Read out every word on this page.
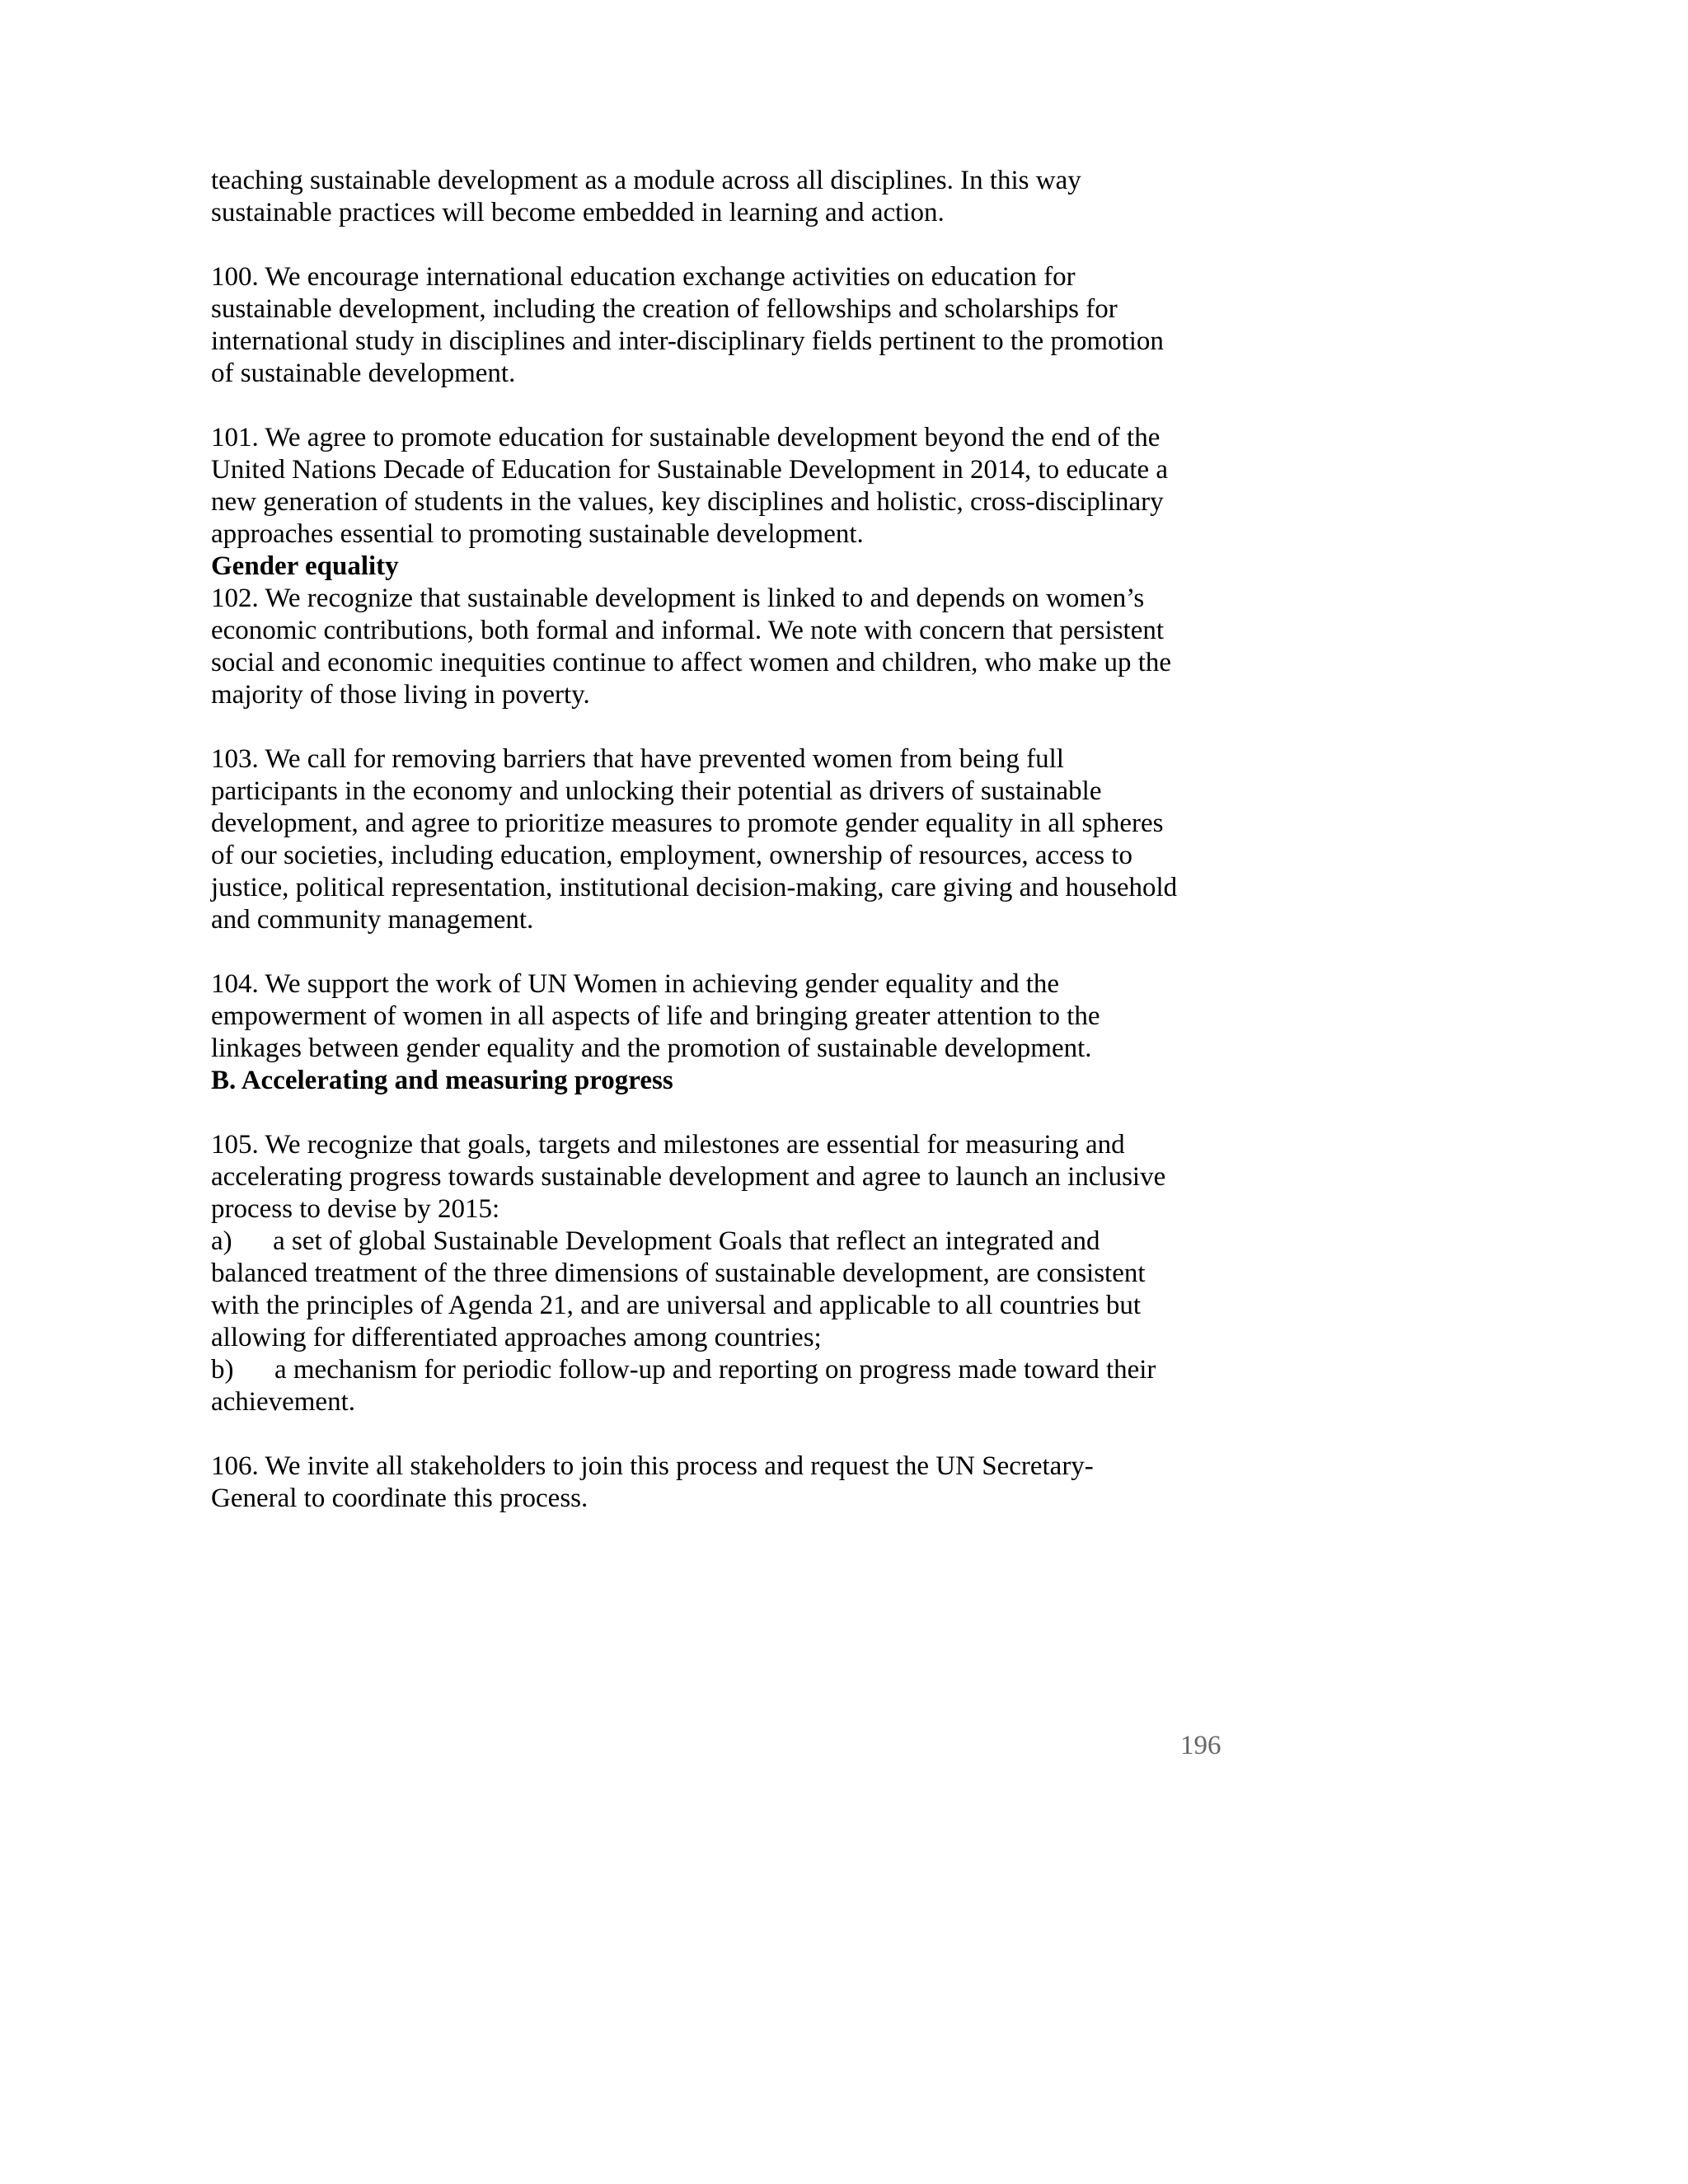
teaching sustainable development as a module across all disciplines. In this way
sustainable practices will become embedded in learning and action.

100. We encourage international education exchange activities on education for
sustainable development, including the creation of fellowships and scholarships for
international study in disciplines and inter-disciplinary fields pertinent to the promotion
of sustainable development.

101. We agree to promote education for sustainable development beyond the end of the
United Nations Decade of Education for Sustainable Development in 2014, to educate a
new generation of students in the values, key disciplines and holistic, cross-disciplinary
approaches essential to promoting sustainable development.

Gender equality

102. We recognize that sustainable development is linked to and depends on women’s
economic contributions, both formal and informal. We note with concern that persistent
social and economic inequities continue to affect women and children, who make up the
majority of those living in poverty.

103. We call for removing barriers that have prevented women from being full
participants in the economy and unlocking their potential as drivers of sustainable
development, and agree to prioritize measures to promote gender equality in all spheres
of our societies, including education, employment, ownership of resources, access to
justice, political representation, institutional decision-making, care giving and household
and community management.

104. We support the work of UN Women in achieving gender equality and the
empowerment of women in all aspects of life and bringing greater attention to the
linkages between gender equality and the promotion of sustainable development.

B. Accelerating and measuring progress

105. We recognize that goals, targets and milestones are essential for measuring and
accelerating progress towards sustainable development and agree to launch an inclusive
process to devise by 2015:

a)      a set of global Sustainable Development Goals that reflect an integrated and
balanced treatment of the three dimensions of sustainable development, are consistent
with the principles of Agenda 21, and are universal and applicable to all countries but
allowing for differentiated approaches among countries;

b)      a mechanism for periodic follow-up and reporting on progress made toward their
achievement.

106. We invite all stakeholders to join this process and request the UN Secretary-
General to coordinate this process.

196
